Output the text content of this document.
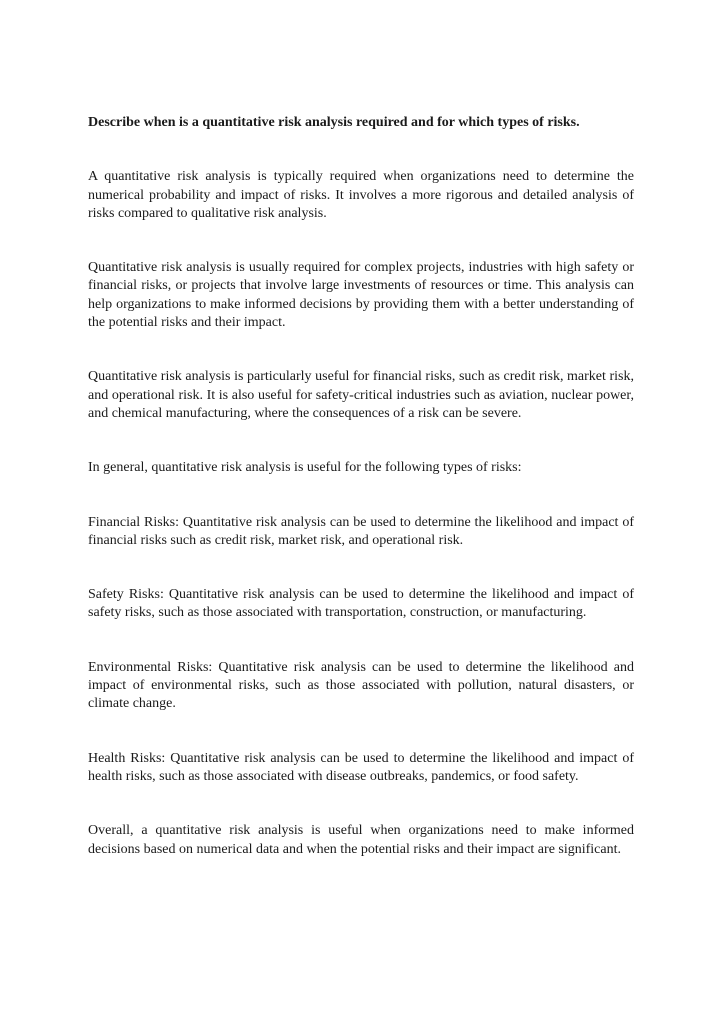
Describe when is a quantitative risk analysis required and for which types of risks.

A quantitative risk analysis is typically required when organizations need to determine the numerical probability and impact of risks. It involves a more rigorous and detailed analysis of risks compared to qualitative risk analysis.

Quantitative risk analysis is usually required for complex projects, industries with high safety or financial risks, or projects that involve large investments of resources or time. This analysis can help organizations to make informed decisions by providing them with a better understanding of the potential risks and their impact.

Quantitative risk analysis is particularly useful for financial risks, such as credit risk, market risk, and operational risk. It is also useful for safety-critical industries such as aviation, nuclear power, and chemical manufacturing, where the consequences of a risk can be severe.

In general, quantitative risk analysis is useful for the following types of risks:

Financial Risks: Quantitative risk analysis can be used to determine the likelihood and impact of financial risks such as credit risk, market risk, and operational risk.

Safety Risks: Quantitative risk analysis can be used to determine the likelihood and impact of safety risks, such as those associated with transportation, construction, or manufacturing.

Environmental Risks: Quantitative risk analysis can be used to determine the likelihood and impact of environmental risks, such as those associated with pollution, natural disasters, or climate change.

Health Risks: Quantitative risk analysis can be used to determine the likelihood and impact of health risks, such as those associated with disease outbreaks, pandemics, or food safety.

Overall, a quantitative risk analysis is useful when organizations need to make informed decisions based on numerical data and when the potential risks and their impact are significant.
